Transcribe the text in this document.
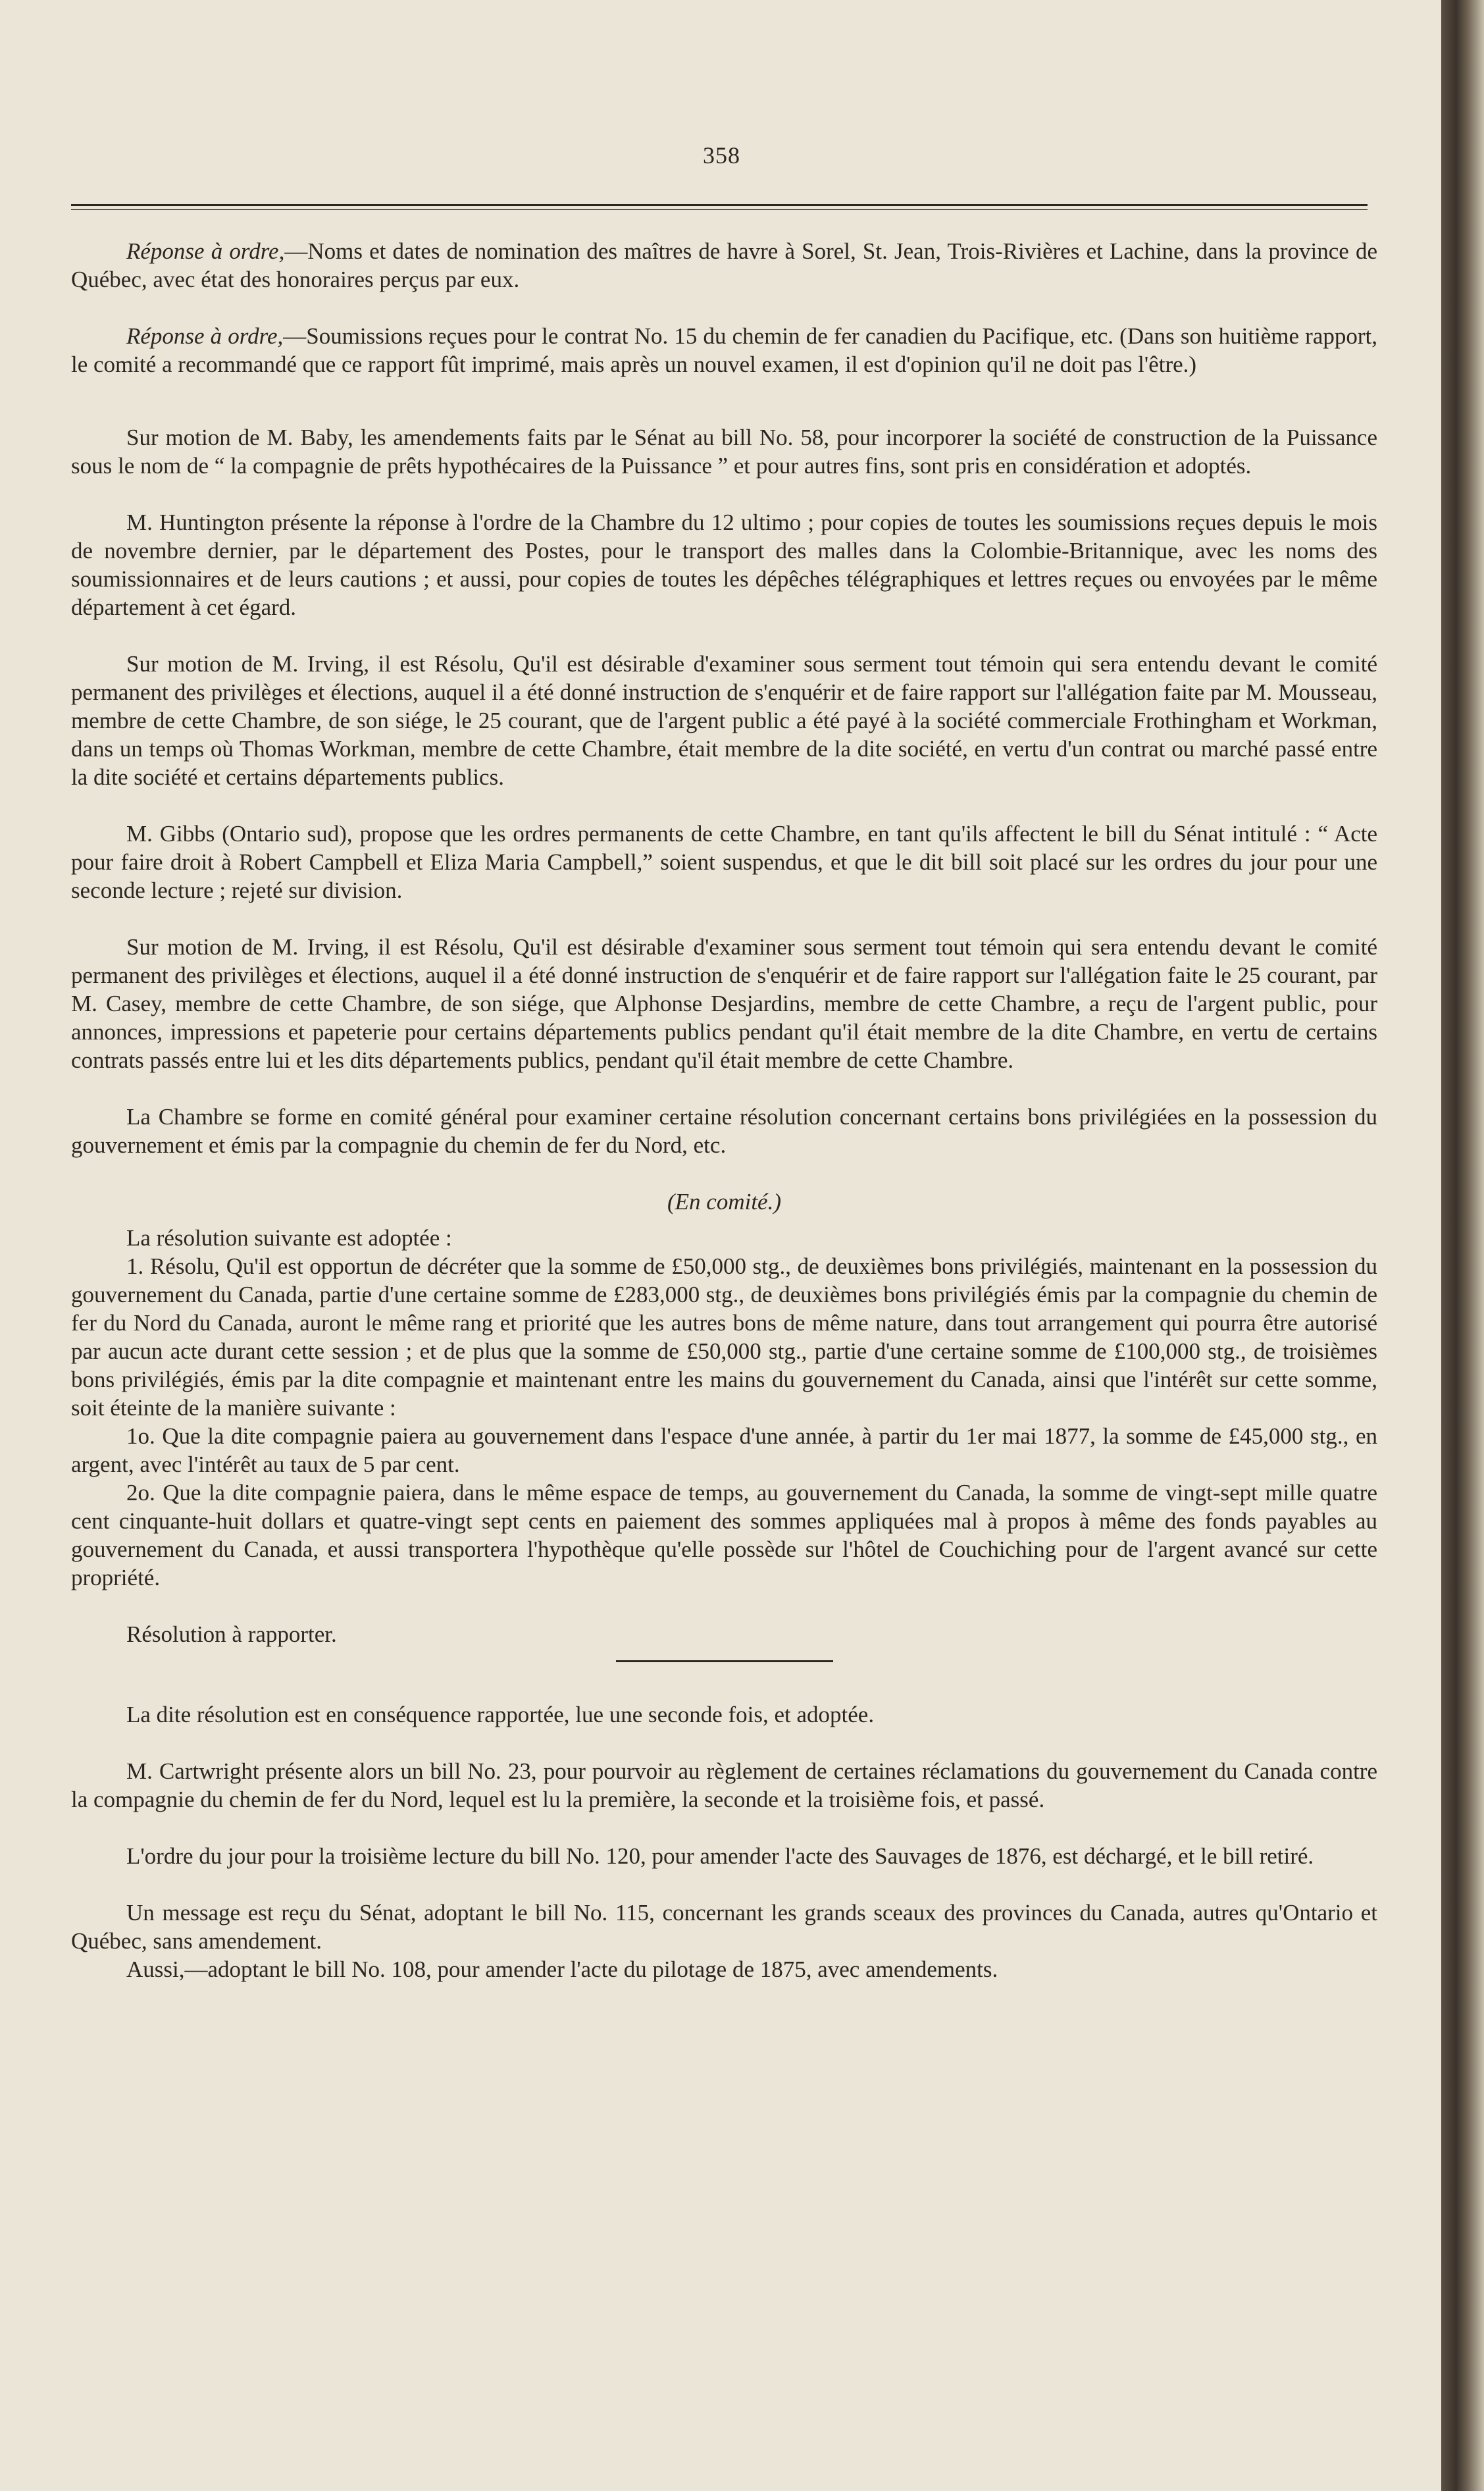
358

Réponse à ordre,—Noms et dates de nomination des maîtres de havre à Sorel, St. Jean, Trois-Rivières et Lachine, dans la province de Québec, avec état des honoraires perçus par eux.

Réponse à ordre,—Soumissions reçues pour le contrat No. 15 du chemin de fer canadien du Pacifique, etc. (Dans son huitième rapport, le comité a recommandé que ce rapport fût imprimé, mais après un nouvel examen, il est d'opinion qu'il ne doit pas l'être.)

Sur motion de M. Baby, les amendements faits par le Sénat au bill No. 58, pour incorporer la société de construction de la Puissance sous le nom de “ la compagnie de prêts hypothécaires de la Puissance ” et pour autres fins, sont pris en considération et adoptés.

M. Huntington présente la réponse à l'ordre de la Chambre du 12 ultimo ; pour copies de toutes les soumissions reçues depuis le mois de novembre dernier, par le département des Postes, pour le transport des malles dans la Colombie-Britannique, avec les noms des soumissionnaires et de leurs cautions ; et aussi, pour copies de toutes les dépêches télégraphiques et lettres reçues ou envoyées par le même département à cet égard.

Sur motion de M. Irving, il est Résolu, Qu'il est désirable d'examiner sous serment tout témoin qui sera entendu devant le comité permanent des privilèges et élections, auquel il a été donné instruction de s'enquérir et de faire rapport sur l'allégation faite par M. Mousseau, membre de cette Chambre, de son siége, le 25 courant, que de l'argent public a été payé à la société commerciale Frothingham et Workman, dans un temps où Thomas Workman, membre de cette Chambre, était membre de la dite société, en vertu d'un contrat ou marché passé entre la dite société et certains départements publics.

M. Gibbs (Ontario sud), propose que les ordres permanents de cette Chambre, en tant qu'ils affectent le bill du Sénat intitulé : “ Acte pour faire droit à Robert Campbell et Eliza Maria Campbell,” soient suspendus, et que le dit bill soit placé sur les ordres du jour pour une seconde lecture ; rejeté sur division.

Sur motion de M. Irving, il est Résolu, Qu'il est désirable d'examiner sous serment tout témoin qui sera entendu devant le comité permanent des privilèges et élections, auquel il a été donné instruction de s'enquérir et de faire rapport sur l'allégation faite le 25 courant, par M. Casey, membre de cette Chambre, de son siége, que Alphonse Desjardins, membre de cette Chambre, a reçu de l'argent public, pour annonces, impressions et papeterie pour certains départements publics pendant qu'il était membre de la dite Chambre, en vertu de certains contrats passés entre lui et les dits départements publics, pendant qu'il était membre de cette Chambre.

La Chambre se forme en comité général pour examiner certaine résolution concernant certains bons privilégiées en la possession du gouvernement et émis par la compagnie du chemin de fer du Nord, etc.

(En comité.)

La résolution suivante est adoptée :

1. Résolu, Qu'il est opportun de décréter que la somme de £50,000 stg., de deuxièmes bons privilégiés, maintenant en la possession du gouvernement du Canada, partie d'une certaine somme de £283,000 stg., de deuxièmes bons privilégiés émis par la compagnie du chemin de fer du Nord du Canada, auront le même rang et priorité que les autres bons de même nature, dans tout arrangement qui pourra être autorisé par aucun acte durant cette session ; et de plus que la somme de £50,000 stg., partie d'une certaine somme de £100,000 stg., de troisièmes bons privilégiés, émis par la dite compagnie et maintenant entre les mains du gouvernement du Canada, ainsi que l'intérêt sur cette somme, soit éteinte de la manière suivante :

1o. Que la dite compagnie paiera au gouvernement dans l'espace d'une année, à partir du 1er mai 1877, la somme de £45,000 stg., en argent, avec l'intérêt au taux de 5 par cent.

2o. Que la dite compagnie paiera, dans le même espace de temps, au gouvernement du Canada, la somme de vingt-sept mille quatre cent cinquante-huit dollars et quatre-vingt sept cents en paiement des sommes appliquées mal à propos à même des fonds payables au gouvernement du Canada, et aussi transportera l'hypothèque qu'elle possède sur l'hôtel de Couchiching pour de l'argent avancé sur cette propriété.

Résolution à rapporter.

La dite résolution est en conséquence rapportée, lue une seconde fois, et adoptée.

M. Cartwright présente alors un bill No. 23, pour pourvoir au règlement de certaines réclamations du gouvernement du Canada contre la compagnie du chemin de fer du Nord, lequel est lu la première, la seconde et la troisième fois, et passé.

L'ordre du jour pour la troisième lecture du bill No. 120, pour amender l'acte des Sauvages de 1876, est déchargé, et le bill retiré.

Un message est reçu du Sénat, adoptant le bill No. 115, concernant les grands sceaux des provinces du Canada, autres qu'Ontario et Québec, sans amendement.

Aussi,—adoptant le bill No. 108, pour amender l'acte du pilotage de 1875, avec amendements.
